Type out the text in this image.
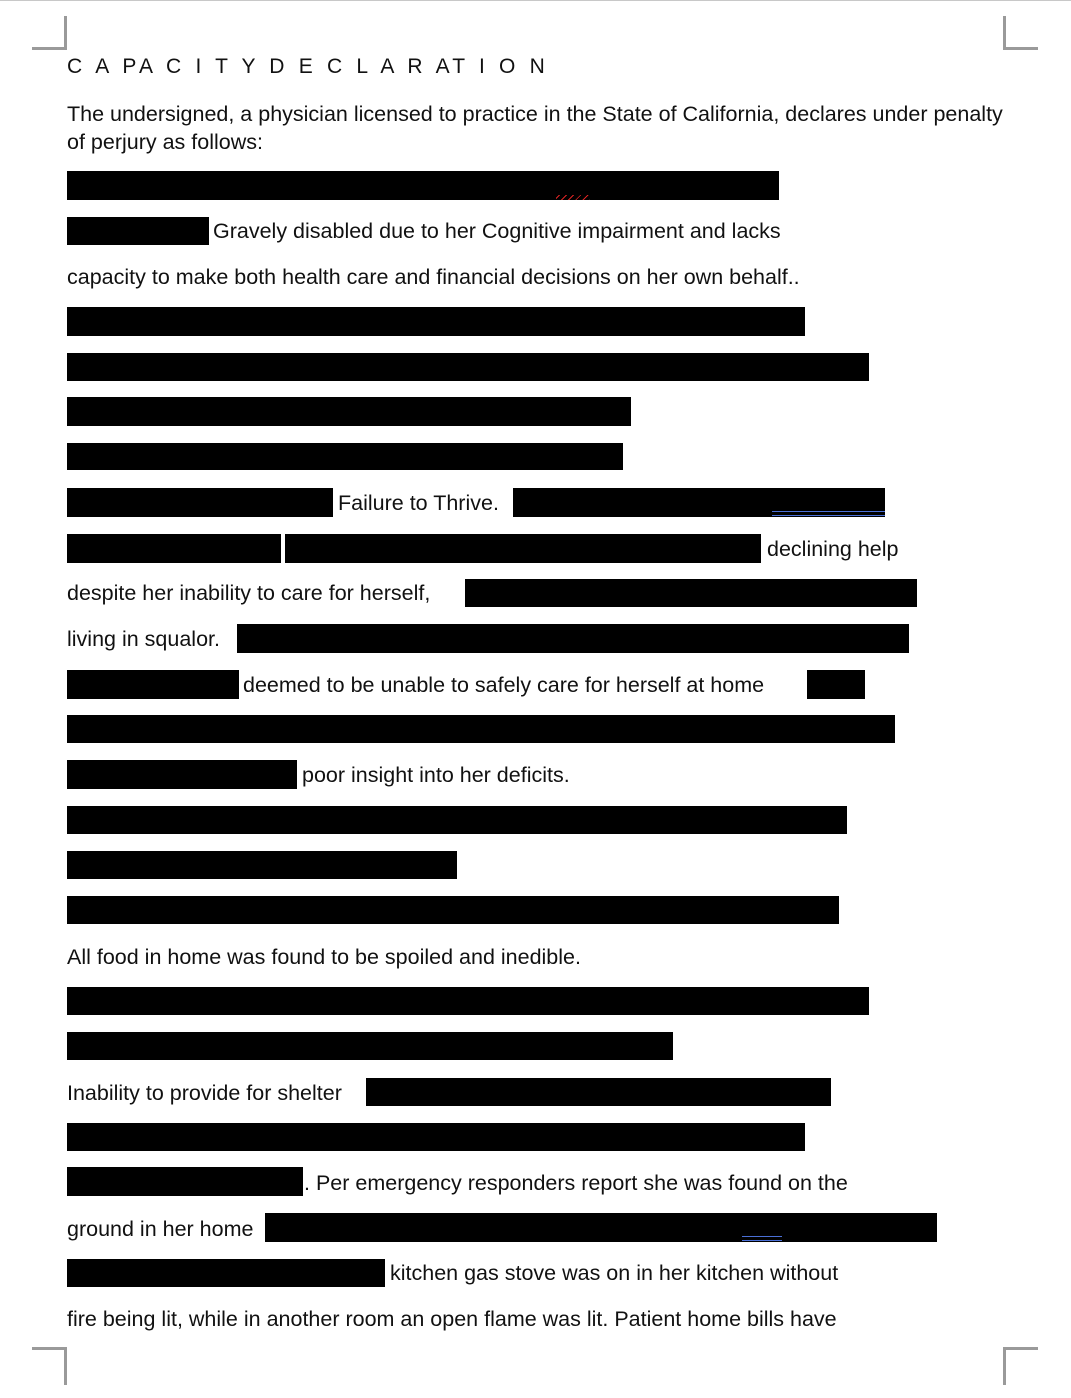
C A PA C I T Y D E C L A R AT I O N
The undersigned, a physician licensed to practice in the State of California, declares under penalty of perjury as follows:
Gravely disabled due to her Cognitive impairment and lacks
capacity to make both health care and financial decisions on her own behalf..
Failure to Thrive.
declining help
despite her inability to care for herself,
living in squalor.
deemed to be unable to safely care for herself at home
poor insight into her deficits.
All food in home was found to be spoiled and inedible.
Inability to provide for shelter
. Per emergency responders report she was found on the
ground in her home
kitchen gas stove was on in her kitchen without
fire being lit, while in another room an open flame was lit. Patient home bills have
